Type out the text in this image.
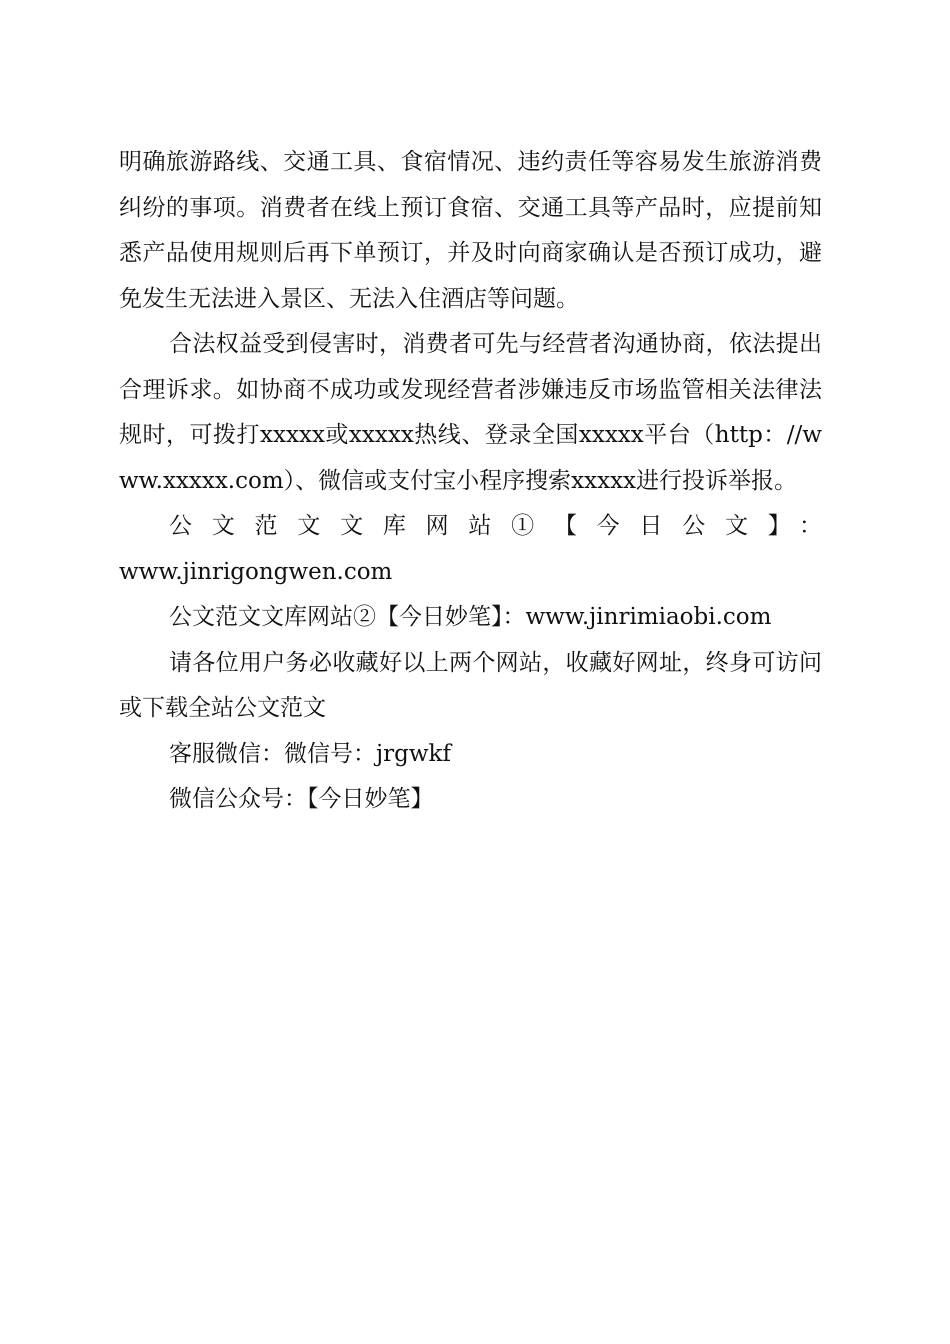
明确旅游路线、交通工具、食宿情况、违约责任等容易发生旅游消费纠纷的事项。消费者在线上预订食宿、交通工具等产品时，应提前知悉产品使用规则后再下单预订，并及时向商家确认是否预订成功，避免发生无法进入景区、无法入住酒店等问题。

合法权益受到侵害时，消费者可先与经营者沟通协商，依法提出合理诉求。如协商不成功或发现经营者涉嫌违反市场监管相关法律法规时，可拨打xxxxx或xxxxx热线、登录全国xxxxx平台（http：//www.xxxxx.com）、微信或支付宝小程序搜索xxxxx进行投诉举报。

公文范文文库网站①【今日公文】：

www.jinrigongwen.com

公文范文文库网站②【今日妙笔】：www.jinrimiaobi.com

请各位用户务必收藏好以上两个网站，收藏好网址，终身可访问或下载全站公文范文

客服微信：微信号：jrgwkf

微信公众号：【今日妙笔】
